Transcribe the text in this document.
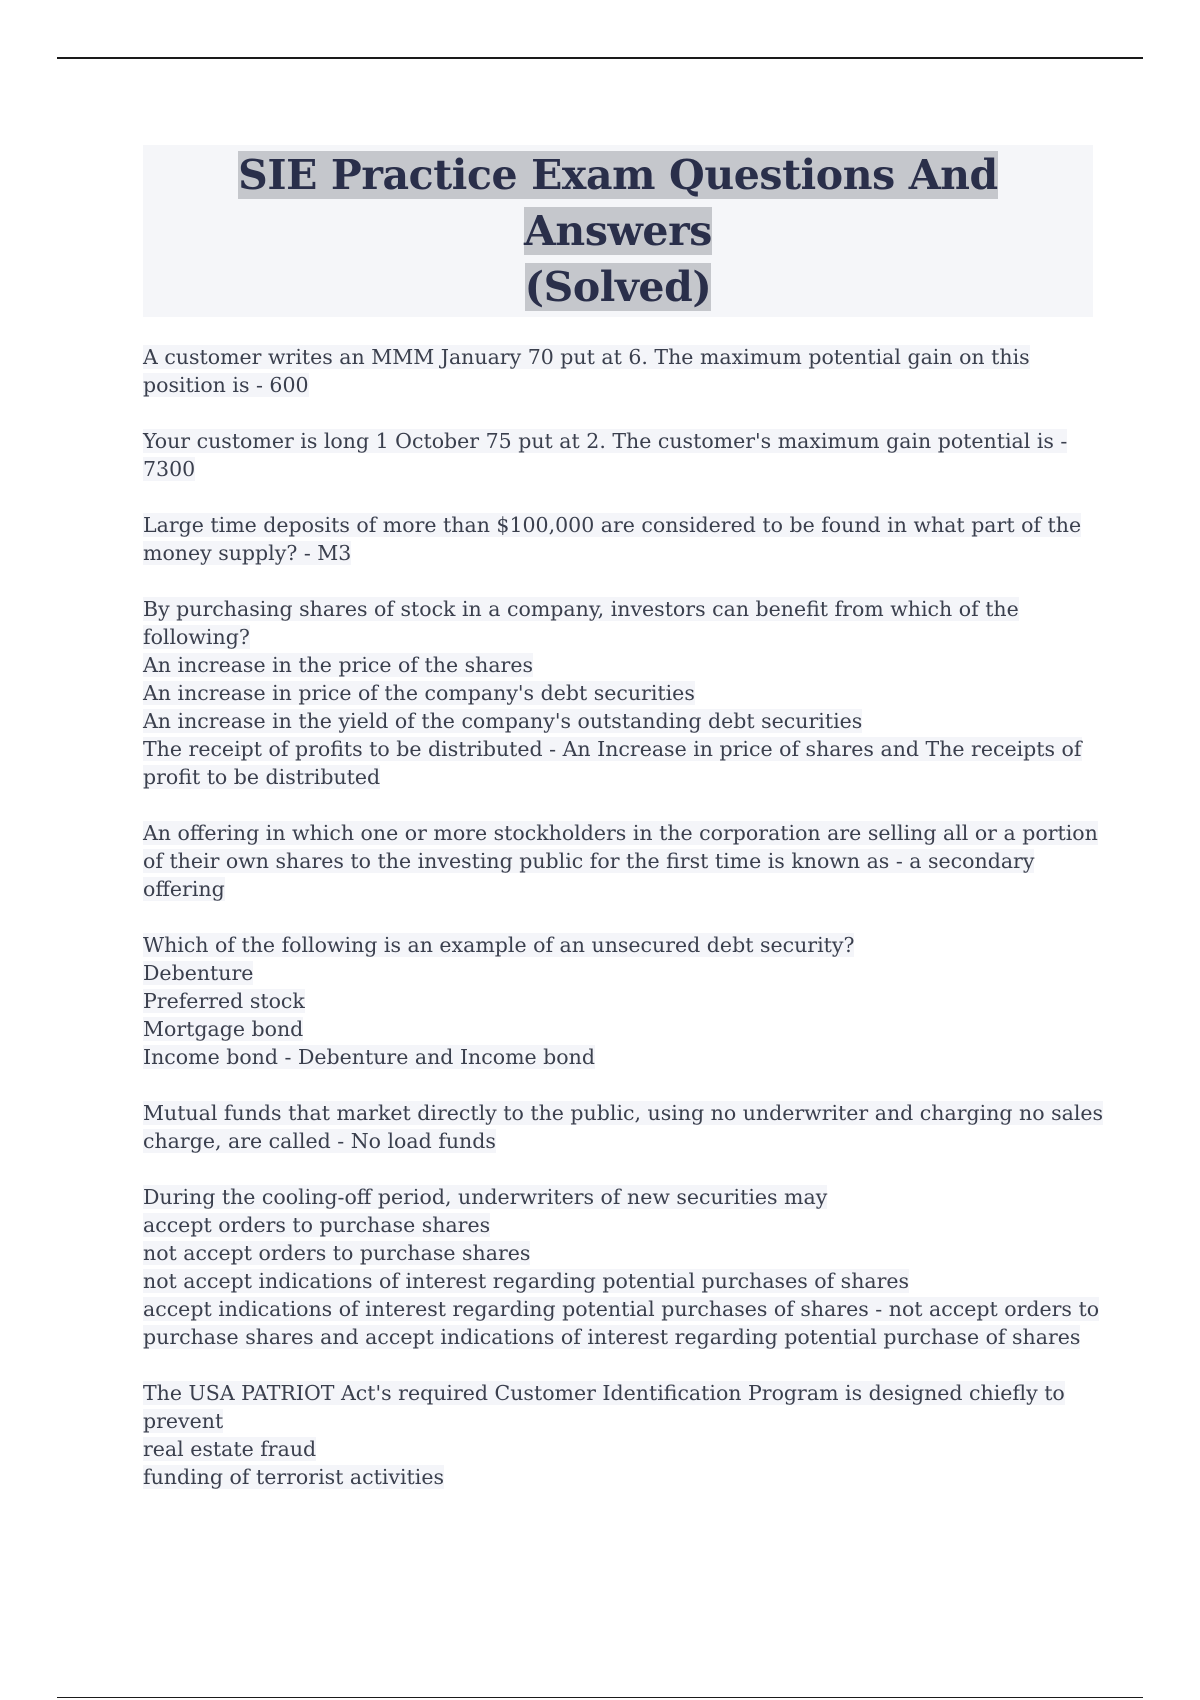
SIE Practice Exam Questions And Answers
(Solved)
A customer writes an MMM January 70 put at 6. The maximum potential gain on this
position is - 600
Your customer is long 1 October 75 put at 2. The customer's maximum gain potential is -
7300
Large time deposits of more than $100,000 are considered to be found in what part of the
money supply? - M3
By purchasing shares of stock in a company, investors can benefit from which of the
following?
An increase in the price of the shares
An increase in price of the company's debt securities
An increase in the yield of the company's outstanding debt securities
The receipt of profits to be distributed - An Increase in price of shares and The receipts of
profit to be distributed
An offering in which one or more stockholders in the corporation are selling all or a portion
of their own shares to the investing public for the first time is known as - a secondary
offering
Which of the following is an example of an unsecured debt security?
Debenture
Preferred stock
Mortgage bond
Income bond - Debenture and Income bond
Mutual funds that market directly to the public, using no underwriter and charging no sales
charge, are called - No load funds
During the cooling-off period, underwriters of new securities may
accept orders to purchase shares
not accept orders to purchase shares
not accept indications of interest regarding potential purchases of shares
accept indications of interest regarding potential purchases of shares - not accept orders to
purchase shares and accept indications of interest regarding potential purchase of shares
The USA PATRIOT Act's required Customer Identification Program is designed chiefly to
prevent
real estate fraud
funding of terrorist activities
